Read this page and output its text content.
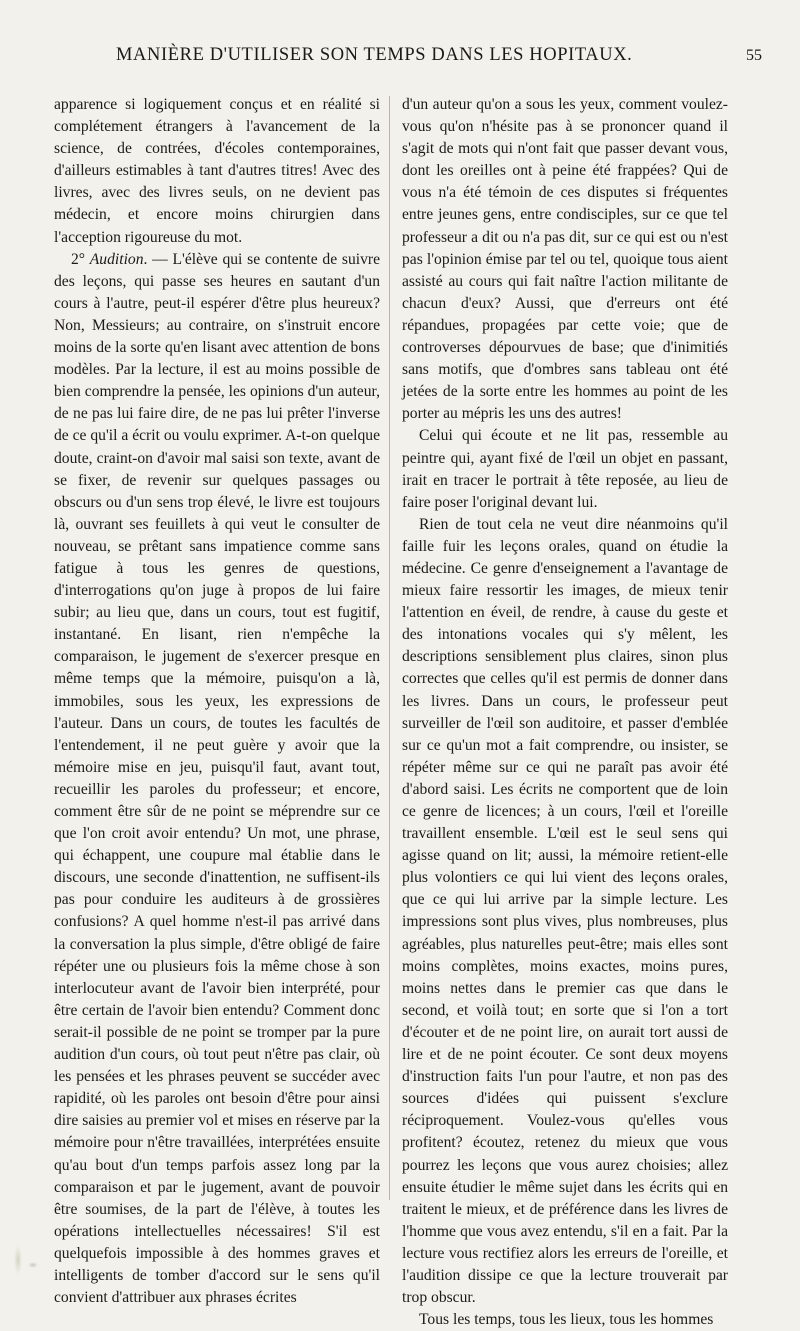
MANIÈRE D'UTILISER SON TEMPS DANS LES HOPITAUX.	55

apparence si logiquement conçus et en réalité si complétement étrangers à l'avancement de la science, de contrées, d'écoles contemporaines, d'ailleurs estimables à tant d'autres titres! Avec des livres, avec des livres seuls, on ne devient pas médecin, et encore moins chirurgien dans l'acception rigoureuse du mot.

2° Audition. — L'élève qui se contente de suivre des leçons, qui passe ses heures en sautant d'un cours à l'autre, peut-il espérer d'être plus heureux? Non, Messieurs; au contraire, on s'instruit encore moins de la sorte qu'en lisant avec attention de bons modèles. Par la lecture, il est au moins possible de bien comprendre la pensée, les opinions d'un auteur, de ne pas lui faire dire, de ne pas lui prêter l'inverse de ce qu'il a écrit ou voulu exprimer. A-t-on quelque doute, craint-on d'avoir mal saisi son texte, avant de se fixer, de revenir sur quelques passages ou obscurs ou d'un sens trop élevé, le livre est toujours là, ouvrant ses feuillets à qui veut le consulter de nouveau, se prêtant sans impatience comme sans fatigue à tous les genres de questions, d'interrogations qu'on juge à propos de lui faire subir; au lieu que, dans un cours, tout est fugitif, instantané. En lisant, rien n'empêche la comparaison, le jugement de s'exercer presque en même temps que la mémoire, puisqu'on a là, immobiles, sous les yeux, les expressions de l'auteur. Dans un cours, de toutes les facultés de l'entendement, il ne peut guère y avoir que la mémoire mise en jeu, puisqu'il faut, avant tout, recueillir les paroles du professeur; et encore, comment être sûr de ne point se méprendre sur ce que l'on croit avoir entendu? Un mot, une phrase, qui échappent, une coupure mal établie dans le discours, une seconde d'inattention, ne suffisent-ils pas pour conduire les auditeurs à de grossières confusions? A quel homme n'est-il pas arrivé dans la conversation la plus simple, d'être obligé de faire répéter une ou plusieurs fois la même chose à son interlocuteur avant de l'avoir bien interprété, pour être certain de l'avoir bien entendu? Comment donc serait-il possible de ne point se tromper par la pure audition d'un cours, où tout peut n'être pas clair, où les pensées et les phrases peuvent se succéder avec rapidité, où les paroles ont besoin d'être pour ainsi dire saisies au premier vol et mises en réserve par la mémoire pour n'être travaillées, interprétées ensuite qu'au bout d'un temps parfois assez long par la comparaison et par le jugement, avant de pouvoir être soumises, de la part de l'élève, à toutes les opérations intellectuelles nécessaires! S'il est quelquefois impossible à des hommes graves et intelligents de tomber d'accord sur le sens qu'il convient d'attribuer aux phrases écrites

d'un auteur qu'on a sous les yeux, comment voulez-vous qu'on n'hésite pas à se prononcer quand il s'agit de mots qui n'ont fait que passer devant vous, dont les oreilles ont à peine été frappées? Qui de vous n'a été témoin de ces disputes si fréquentes entre jeunes gens, entre condisciples, sur ce que tel professeur a dit ou n'a pas dit, sur ce qui est ou n'est pas l'opinion émise par tel ou tel, quoique tous aient assisté au cours qui fait naître l'action militante de chacun d'eux? Aussi, que d'erreurs ont été répandues, propagées par cette voie; que de controverses dépourvues de base; que d'inimitiés sans motifs, que d'ombres sans tableau ont été jetées de la sorte entre les hommes au point de les porter au mépris les uns des autres!

Celui qui écoute et ne lit pas, ressemble au peintre qui, ayant fixé de l'œil un objet en passant, irait en tracer le portrait à tête reposée, au lieu de faire poser l'original devant lui.

Rien de tout cela ne veut dire néanmoins qu'il faille fuir les leçons orales, quand on étudie la médecine. Ce genre d'enseignement a l'avantage de mieux faire ressortir les images, de mieux tenir l'attention en éveil, de rendre, à cause du geste et des intonations vocales qui s'y mêlent, les descriptions sensiblement plus claires, sinon plus correctes que celles qu'il est permis de donner dans les livres. Dans un cours, le professeur peut surveiller de l'œil son auditoire, et passer d'emblée sur ce qu'un mot a fait comprendre, ou insister, se répéter même sur ce qui ne paraît pas avoir été d'abord saisi. Les écrits ne comportent que de loin ce genre de licences; à un cours, l'œil et l'oreille travaillent ensemble. L'œil est le seul sens qui agisse quand on lit; aussi, la mémoire retient-elle plus volontiers ce qui lui vient des leçons orales, que ce qui lui arrive par la simple lecture. Les impressions sont plus vives, plus nombreuses, plus agréables, plus naturelles peut-être; mais elles sont moins complètes, moins exactes, moins pures, moins nettes dans le premier cas que dans le second, et voilà tout; en sorte que si l'on a tort d'écouter et de ne point lire, on aurait tort aussi de lire et de ne point écouter. Ce sont deux moyens d'instruction faits l'un pour l'autre, et non pas des sources d'idées qui puissent s'exclure réciproquement. Voulez-vous qu'elles vous profitent? écoutez, retenez du mieux que vous pourrez les leçons que vous aurez choisies; allez ensuite étudier le même sujet dans les écrits qui en traitent le mieux, et de préférence dans les livres de l'homme que vous avez entendu, s'il en a fait. Par la lecture vous rectifiez alors les erreurs de l'oreille, et l'audition dissipe ce que la lecture trouverait par trop obscur.

Tous les temps, tous les lieux, tous les hommes
